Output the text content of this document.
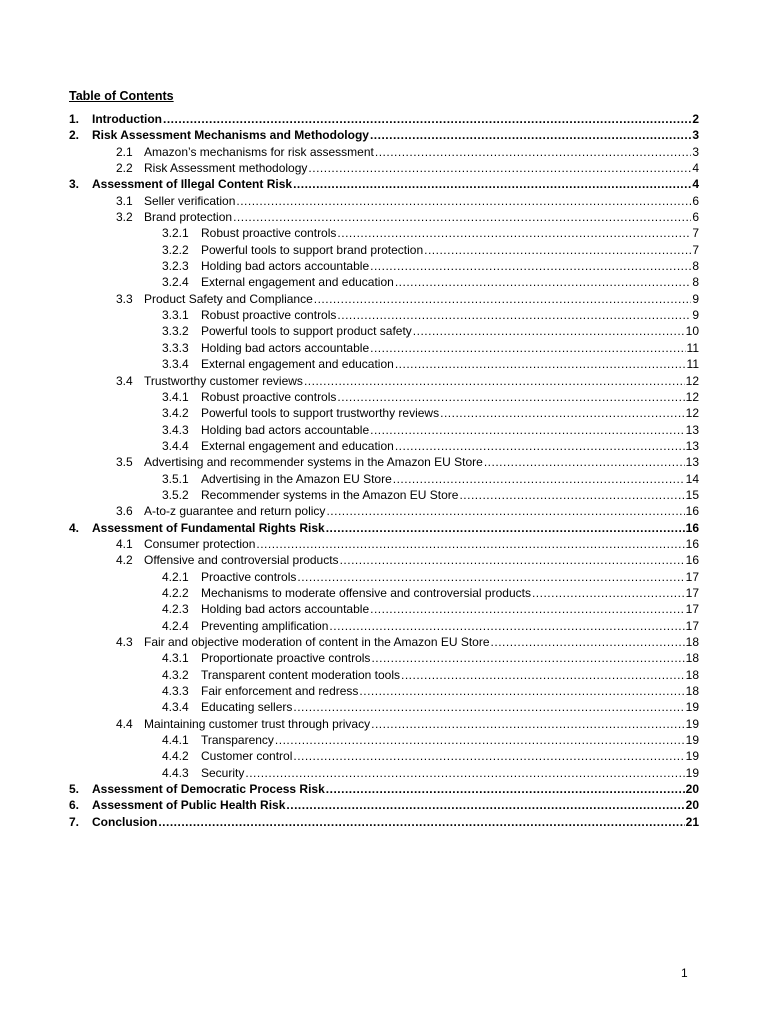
Table of Contents
1. Introduction .....	2
2. Risk Assessment Mechanisms and Methodology .....	3
2.1 Amazon’s mechanisms for risk assessment .....	3
2.2 Risk Assessment methodology .....	4
3. Assessment of Illegal Content Risk .....	4
3.1 Seller verification .....	6
3.2 Brand protection .....	6
3.2.1 Robust proactive controls .....	7
3.2.2 Powerful tools to support brand protection .....	7
3.2.3 Holding bad actors accountable .....	8
3.2.4 External engagement and education .....	8
3.3 Product Safety and Compliance .....	9
3.3.1 Robust proactive controls .....	9
3.3.2 Powerful tools to support product safety .....	10
3.3.3 Holding bad actors accountable .....	11
3.3.4 External engagement and education .....	11
3.4 Trustworthy customer reviews .....	12
3.4.1 Robust proactive controls .....	12
3.4.2 Powerful tools to support trustworthy reviews .....	12
3.4.3 Holding bad actors accountable .....	13
3.4.4 External engagement and education .....	13
3.5 Advertising and recommender systems in the Amazon EU Store .....	13
3.5.1 Advertising in the Amazon EU Store .....	14
3.5.2 Recommender systems in the Amazon EU Store .....	15
3.6 A-to-z guarantee and return policy .....	16
4. Assessment of Fundamental Rights Risk .....	16
4.1 Consumer protection .....	16
4.2 Offensive and controversial products .....	16
4.2.1 Proactive controls .....	17
4.2.2 Mechanisms to moderate offensive and controversial products .....	17
4.2.3 Holding bad actors accountable .....	17
4.2.4 Preventing amplification .....	17
4.3 Fair and objective moderation of content in the Amazon EU Store .....	18
4.3.1 Proportionate proactive controls .....	18
4.3.2 Transparent content moderation tools .....	18
4.3.3 Fair enforcement and redress .....	18
4.3.4 Educating sellers .....	19
4.4 Maintaining customer trust through privacy .....	19
4.4.1 Transparency .....	19
4.4.2 Customer control .....	19
4.4.3 Security .....	19
5. Assessment of Democratic Process Risk .....	20
6. Assessment of Public Health Risk .....	20
7. Conclusion .....	21
1
